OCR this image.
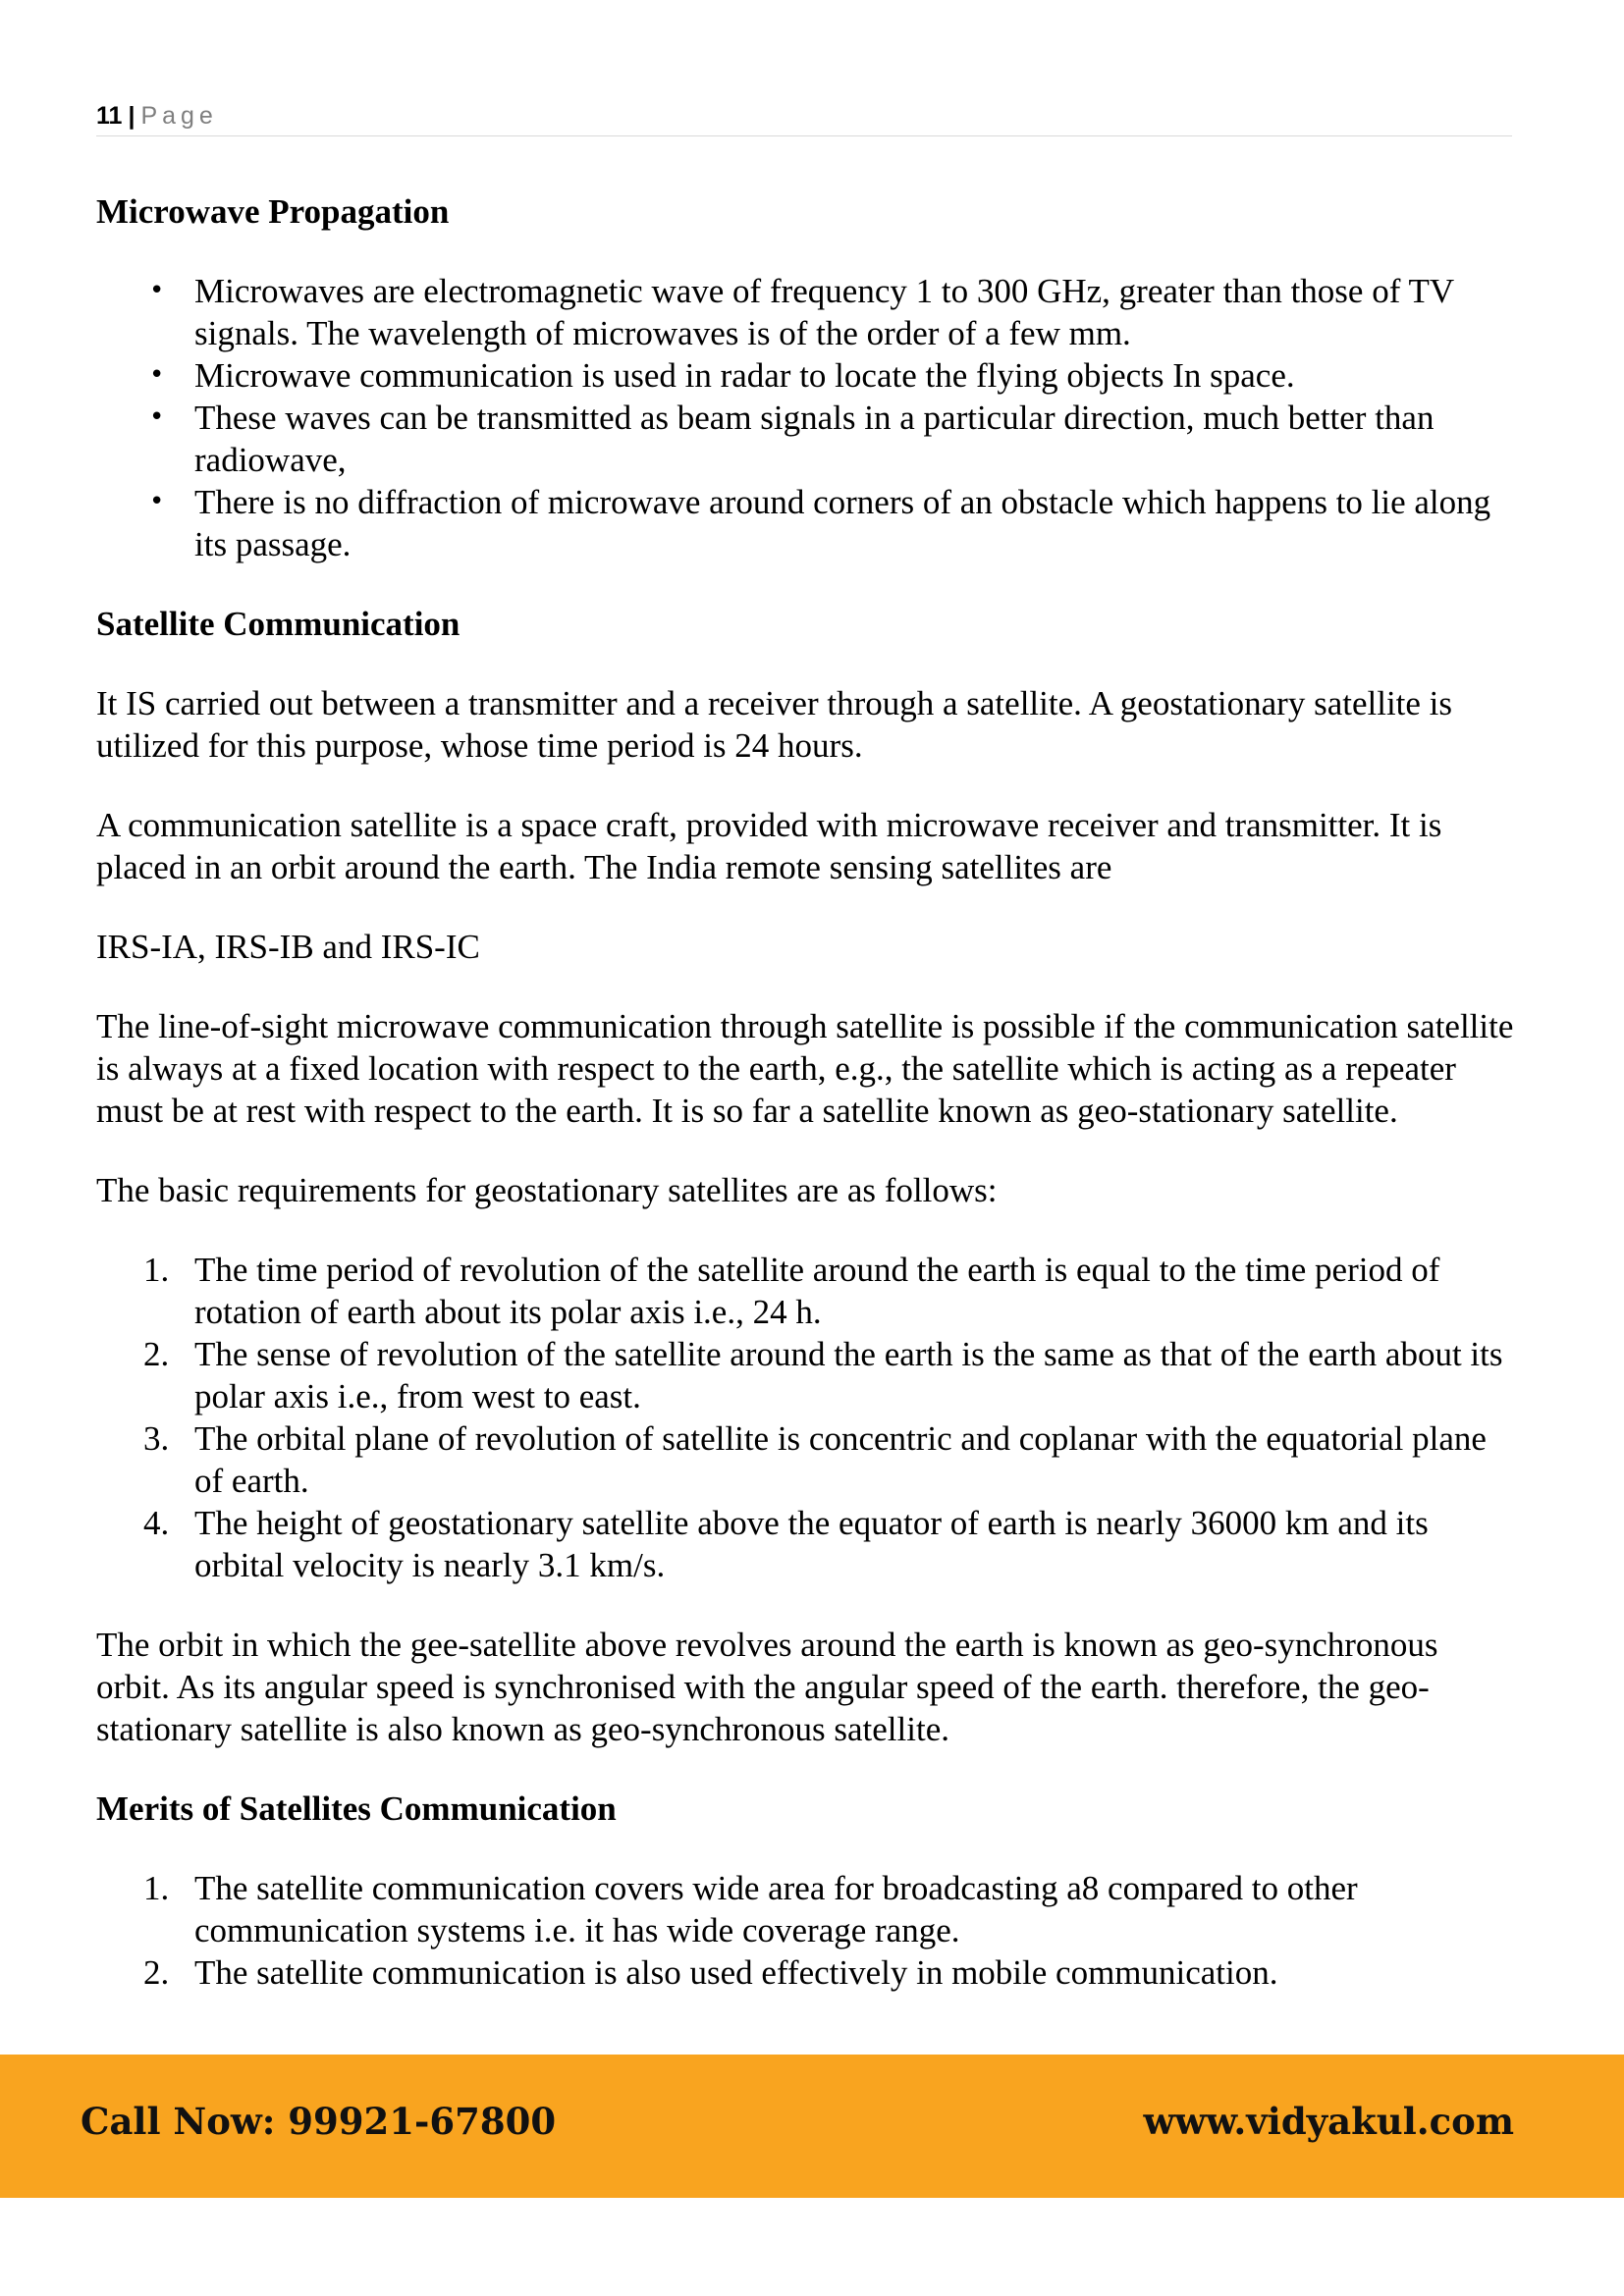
11 | Page
Microwave Propagation
• Microwaves are electromagnetic wave of frequency 1 to 300 GHz, greater than those of TV signals. The wavelength of microwaves is of the order of a few mm.
• Microwave communication is used in radar to locate the flying objects In space.
• These waves can be transmitted as beam signals in a particular direction, much better than radiowave,
• There is no diffraction of microwave around corners of an obstacle which happens to lie along its passage.
Satellite Communication

It IS carried out between a transmitter and a receiver through a satellite. A geostationary satellite is utilized for this purpose, whose time period is 24 hours.

A communication satellite is a space craft, provided with microwave receiver and transmitter. It is placed in an orbit around the earth. The India remote sensing satellites are

IRS-IA, IRS-IB and IRS-IC

The line-of-sight microwave communication through satellite is possible if the communication satellite is always at a fixed location with respect to the earth, e.g., the satellite which is acting as a repeater must be at rest with respect to the earth. It is so far a satellite known as geo-stationary satellite.

The basic requirements for geostationary satellites are as follows:

1. The time period of revolution of the satellite around the earth is equal to the time period of rotation of earth about its polar axis i.e., 24 h.
2. The sense of revolution of the satellite around the earth is the same as that of the earth about its polar axis i.e., from west to east.
3. The orbital plane of revolution of satellite is concentric and coplanar with the equatorial plane of earth.
4. The height of geostationary satellite above the equator of earth is nearly 36000 km and its orbital velocity is nearly 3.1 km/s.

The orbit in which the gee-satellite above revolves around the earth is known as geo-synchronous orbit. As its angular speed is synchronised with the angular speed of the earth. therefore, the geo-stationary satellite is also known as geo-synchronous satellite.

Merits of Satellites Communication
1. The satellite communication covers wide area for broadcasting a8 compared to other communication systems i.e. it has wide coverage range.
2. The satellite communication is also used effectively in mobile communication.
Call Now: 99921-67800	www.vidyakul.com
